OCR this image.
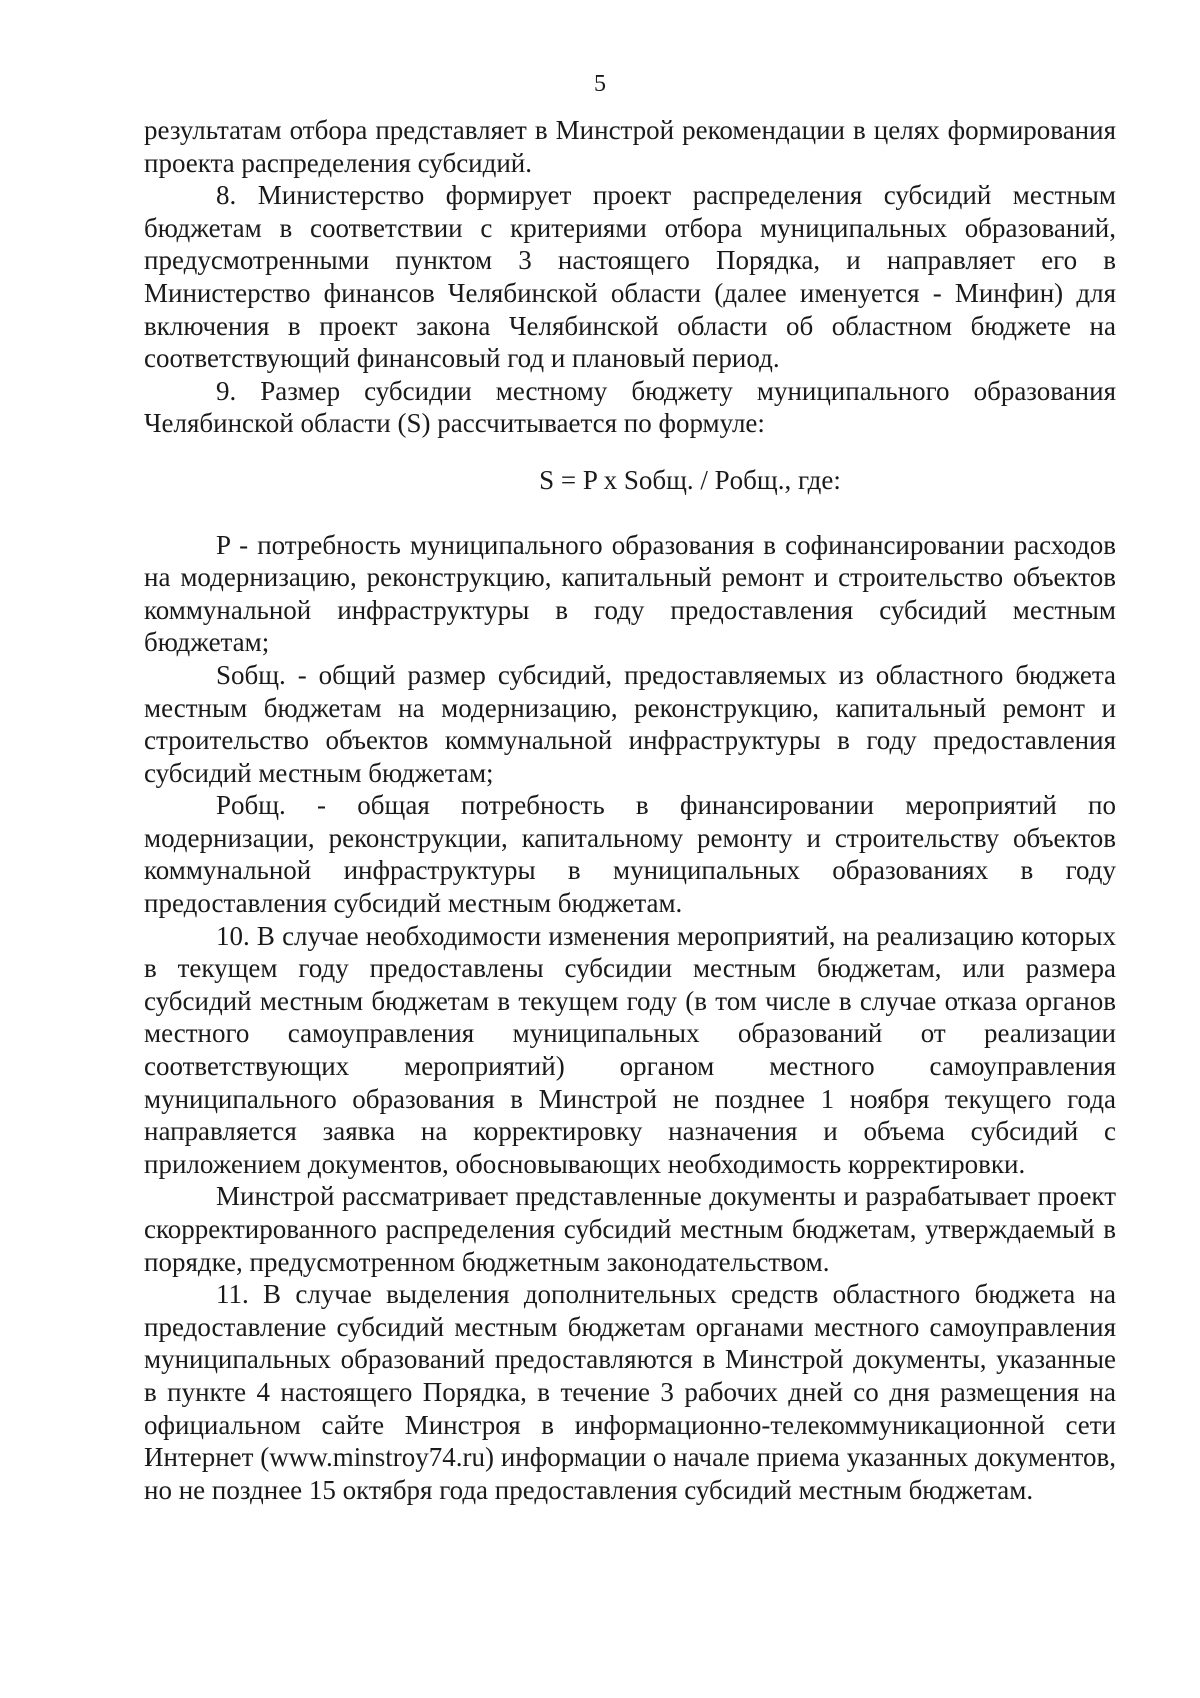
5

результатам отбора представляет в Минстрой рекомендации в целях формирования проекта распределения субсидий.

8. Министерство формирует проект распределения субсидий местным бюджетам в соответствии с критериями отбора муниципальных образований, предусмотренными пунктом 3 настоящего Порядка, и направляет его в Министерство финансов Челябинской области (далее именуется - Минфин) для включения в проект закона Челябинской области об областном бюджете на соответствующий финансовый год и плановый период.

9. Размер субсидии местному бюджету муниципального образования Челябинской области (S) рассчитывается по формуле:

S = P x Sобщ. / Pобщ., где:

P - потребность муниципального образования в софинансировании расходов на модернизацию, реконструкцию, капитальный ремонт и строительство объектов коммунальной инфраструктуры в году предоставления субсидий местным бюджетам;

Sобщ. - общий размер субсидий, предоставляемых из областного бюджета местным бюджетам на модернизацию, реконструкцию, капитальный ремонт и строительство объектов коммунальной инфраструктуры в году предоставления субсидий местным бюджетам;

Pобщ. - общая потребность в финансировании мероприятий по модернизации, реконструкции, капитальному ремонту и строительству объектов коммунальной инфраструктуры в муниципальных образованиях в году предоставления субсидий местным бюджетам.

10. В случае необходимости изменения мероприятий, на реализацию которых в текущем году предоставлены субсидии местным бюджетам, или размера субсидий местным бюджетам в текущем году (в том числе в случае отказа органов местного самоуправления муниципальных образований от реализации соответствующих мероприятий) органом местного самоуправления муниципального образования в Минстрой не позднее 1 ноября текущего года направляется заявка на корректировку назначения и объема субсидий с приложением документов, обосновывающих необходимость корректировки.

Минстрой рассматривает представленные документы и разрабатывает проект скорректированного распределения субсидий местным бюджетам, утверждаемый в порядке, предусмотренном бюджетным законодательством.

11. В случае выделения дополнительных средств областного бюджета на предоставление субсидий местным бюджетам органами местного самоуправления муниципальных образований предоставляются в Минстрой документы, указанные в пункте 4 настоящего Порядка, в течение 3 рабочих дней со дня размещения на официальном сайте Минстроя в информационно-телекоммуникационной сети Интернет (www.minstroy74.ru) информации о начале приема указанных документов, но не позднее 15 октября года предоставления субсидий местным бюджетам.
